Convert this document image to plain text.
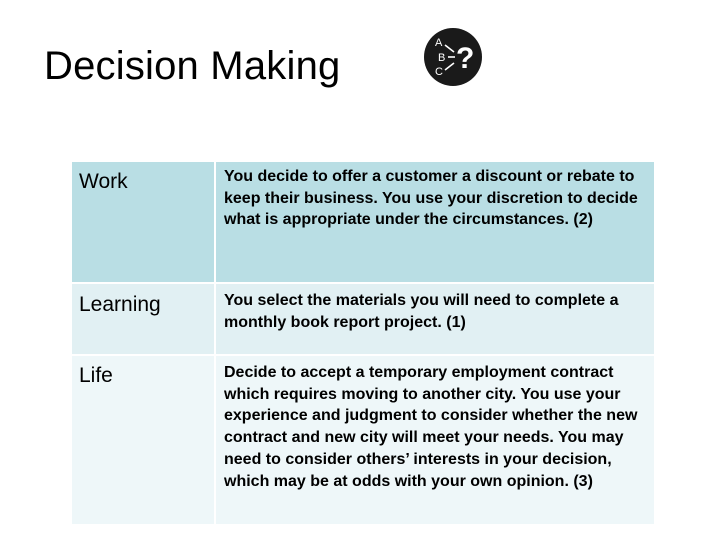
Decision Making
A
B
C ?
Work	You decide to offer a customer a discount or rebate to keep their business. You use your discretion to decide what is appropriate under the circumstances. (2)
Learning	You select the materials you will need to complete a monthly book report project. (1)
Life	Decide to accept a temporary employment contract which requires moving to another city. You use your experience and judgment to consider whether the new contract and new city will meet your needs. You may need to consider others’ interests in your decision, which may be at odds with your own opinion. (3)
